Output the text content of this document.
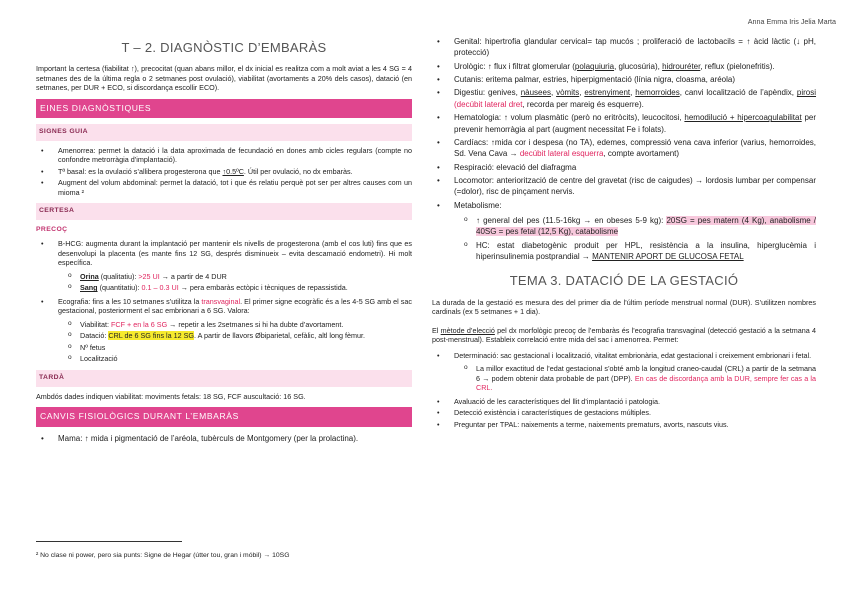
Anna Emma Iris Jelia Marta
T – 2. DIAGNÒSTIC D’EMBARÀS

Important la certesa (fiabilitat ↑), precocitat (quan abans millor, el dx inicial es realitza com a molt aviat a les 4 SG = 4 setmanes des de la última regla o 2 setmanes post ovulació), viabilitat (avortaments a 20% dels casos), datació (en setmanes, per DUR + ECO, si discordança escollir ECO).

EINES DIAGNÒSTIQUES
SIGNES GUIA
• Amenorrea: permet la datació i la data aproximada de fecundació en dones amb cicles regulars (compte no confondre metrorràgia d’implantació).
• Tª basal: es la ovulació s’allibera progesterona que ↑0.5ºC. Útil per ovulació, no dx embaràs.
• Augment del volum abdominal: permet la datació, tot i que és relatiu perquè pot ser per altres causes com un mioma ²
CERTESA
PRECOÇ
• B-HCG: augmenta durant la implantació per mantenir els nivells de progesterona (amb el cos luti) fins que es desenvolupi la placenta (es mante fins 12 SG, després disminueix – evita descamació endometri). Hi molt específica.
o Orina (qualitatiu): >25 UI → a partir de 4 DUR
o Sang (quantitatiu): 0.1 – 0.3 UI → pera embaràs ectòpic i tècniques de repassistida.
• Ecografia: fins a les 10 setmanes s’utilitza la transvaginal. El primer signe ecogràfic és a les 4-5 SG amb el sac gestacional, posteriorment el sac embrionari a 6 SG. Valora:
o Viabilitat: FCF + en la 6 SG → repetir a les 2setmanes si hi ha dubte d’avortament.
o Datació: CRL de 6 SG fins la 12 SG. A partir de llavors Øbiparietal, cefàlic, altl long fèmur.
o Nº fetus
o Localització
TARDÀ

Ambdós dades indiquen viabilitat: moviments fetals: 18 SG, FCF auscultació: 16 SG.

CANVIS FISIOLÒGICS DURANT L’EMBARÀS
• Mama: ↑ mida i pigmentació de l’aréola, tubèrculs de Montgomery (per la prolactina).
² No clase ni power, pero sia punts: Signe de Hegar (útter tou, gran i móbil) → 10SG
• Genital: hipertrofia glandular cervical= tap mucós ; proliferació de lactobacils = ↑ àcid làctic (↓ pH, protecció)
• Urològic: ↑ flux i filtrat glomerular (polaquiuria, glucosúria), hidrouréter, reflux (pielonefritis).
• Cutanis: eritema palmar, estries, hiperpigmentació (línia nigra, cloasma, aréola)
• Digestiu: genives, nàusees, vòmits, estrenyiment, hemorroides, canvi localització de l’apèndix, pirosi (decúbit lateral dret, recorda per mareig és esquerre).
• Hematologia: ↑ volum plasmàtic (però no eritròcits), leucocitosi, hemodilució + hipercoagulabilitat per prevenir hemorràgia al part (augment necessitat Fe i folats).
• Cardíacs: ↑mida cor i despesa (no TA), edemes, compressió vena cava inferior (varius, hemorroides, Sd. Vena Cava → decúbit lateral esquerra, compte avortament)
• Respiració: elevació del diafragma
• Locomotor: anteriorització de centre del gravetat (risc de caigudes) → lordosis lumbar per compensar (=dolor), risc de pinçament nervis.
• Metabolisme:
o ↑ general del pes (11.5-16kg → en obeses 5-9 kg): 20SG = pes matern (4 Kg), anabolisme / 40SG = pes fetal (12,5 Kg), catabolisme
o HC: estat diabetogènic produit per HPL, resistència a la insulina, hiperglucèmia i hiperinsulinemia postprandial → MANTENIR APORT DE GLUCOSA FETAL
TEMA 3. DATACIÓ DE LA GESTACIÓ

La durada de la gestació es mesura des del primer dia de l’últim període menstrual normal (DUR). S’utilitzen nombres cardinals (ex 5 setmanes + 1 dia).

El mètode d’elecció pel dx morfològic precoç de l’embaràs és l’ecografia transvaginal (detecció gestació a la setmana 4 post-menstrual). Estableix correlació entre mida del sac i amenorrea. Permet:

• Determinació: sac gestacional i localització, vitalitat embrionària, edat gestacional i creixement embrionari i fetal.
o La millor exactitud de l’edat gestacional s’obté amb la longitud craneo-caudal (CRL) a partir de la setmana 6 → podem obtenir data probable de part (DPP). En cas de discordança amb la DUR, sempre fer cas a la CRL.
• Avaluació de les característiques del llit d’implantació i patologia.
• Detecció existència i característiques de gestacions múltiples.
• Preguntar per TPAL: naixements a terme, naixements prematurs, avorts, nascuts vius.
